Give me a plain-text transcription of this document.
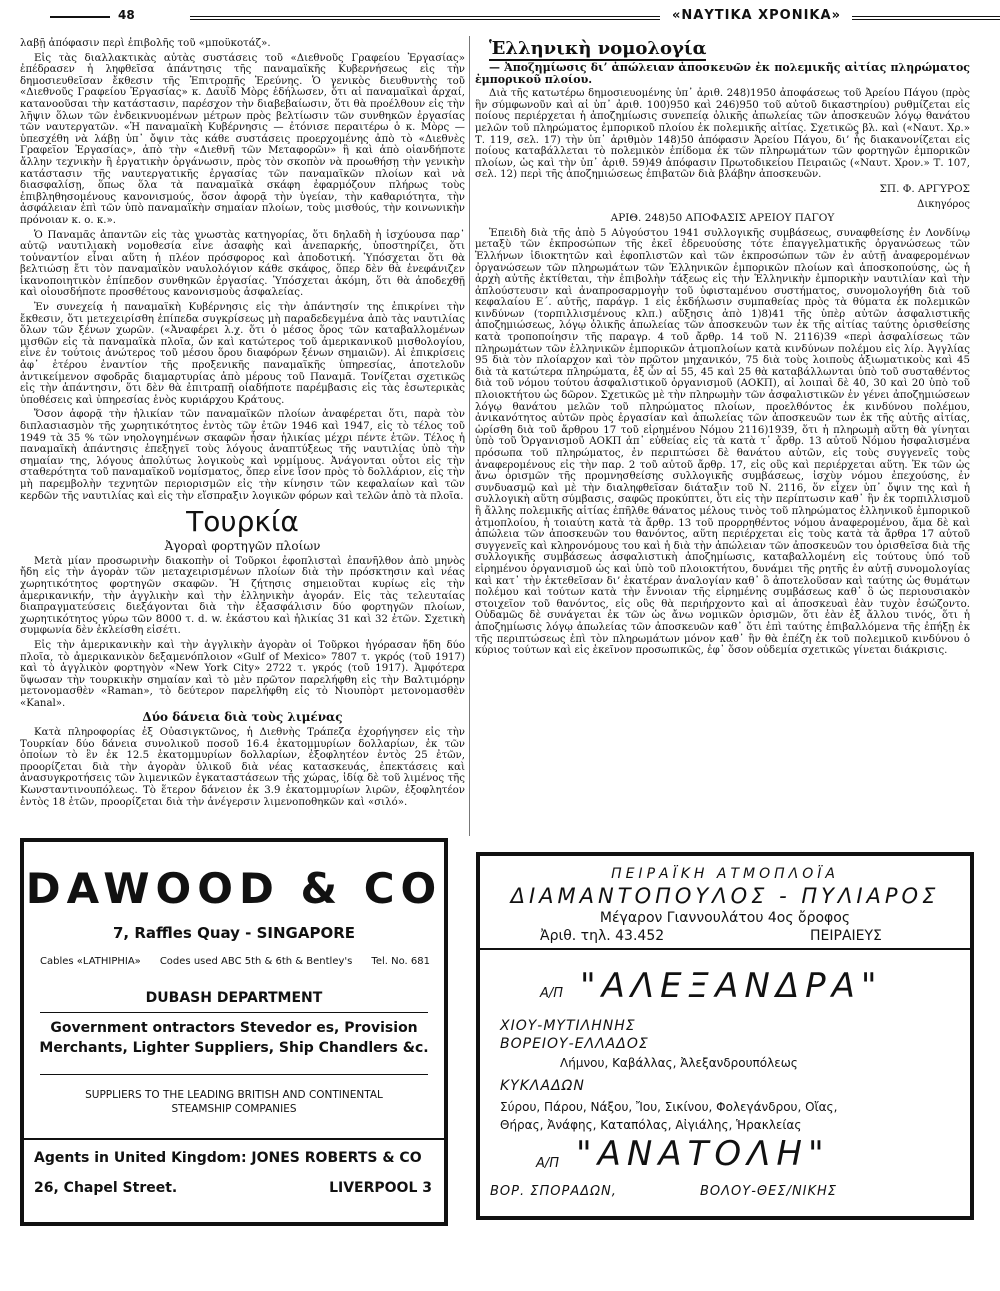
48	«ΝΑΥΤΙΚΑ ΧΡΟΝΙΚΑ»

λαβῇ ἀπόφασιν περὶ ἐπιβολῆς τοῦ «μποϋκοτάζ».

Εἰς τὰς διαλλακτικὰς αὐτὰς συστάσεις τοῦ «Διεθνοῦς Γραφείου Ἐργασίας» ἐπέδρασεν ἡ ληφθεῖσα ἀπάντησις τῆς παναμαϊκῆς Κυβερνήσεως εἰς τὴν δημοσιευθεῖσαν ἔκθεσιν τῆς Ἐπιτροπῆς Ἐρεύνης. Ὁ γενικὸς διευθυντὴς τοῦ «Διεθνοῦς Γραφείου Ἐργασίας» κ. Δαυῒδ Μὸρς ἐδήλωσεν, ὅτι αἱ παναμαϊκαὶ ἀρχαί, κατανοοῦσαι τὴν κατάστασιν, παρέσχον τὴν διαβεβαίωσιν, ὅτι θὰ προέλθουν εἰς τὴν λῆψιν ὅλων τῶν ἐνδεικνυομένων μέτρων πρὸς βελτίωσιν τῶν συνθηκῶν ἐργασίας τῶν ναυτεργατῶν. «Ἡ παναμαϊκὴ Κυβέρνησις — ἐτόνισε περαιτέρω ὁ κ. Μὸρς — ὑπεσχέθη νὰ λάβῃ ὑπ᾽ ὄψιν τὰς κάθε συστάσεις προερχομένης ἀπὸ τὸ «Διεθνὲς Γραφεῖον Ἐργασίας», ἀπὸ τὴν «Διεθνῆ τῶν Μεταφορῶν» ἢ καὶ ἀπὸ οἱανδήποτε ἄλλην τεχνικὴν ἢ ἐργατικὴν ὀργάνωσιν, πρὸς τὸν σκοπὸν νὰ προωθήσῃ τὴν γενικὴν κατάστασιν τῆς ναυτεργατικῆς ἐργασίας τῶν παναμαϊκῶν πλοίων καὶ νὰ διασφαλίσῃ, ὅπως ὅλα τὰ παναμαϊκὰ σκάφη ἐφαρμόζουν πλήρως τοὺς ἐπιβληθησομένους κανονισμούς, ὅσον ἀφορᾷ τὴν ὑγείαν, τὴν καθαριότητα, τὴν ἀσφάλειαν ἐπὶ τῶν ὑπὸ παναμαϊκὴν σημαίαν πλοίων, τοὺς μισθούς, τὴν κοινωνικὴν πρόνοιαν κ. ο. κ.».

Ὁ Παναμᾶς ἀπαντῶν εἰς τὰς γνωστὰς κατηγορίας, ὅτι δηλαδὴ ἡ ἰσχύουσα παρ᾽ αὐτῷ ναυτιλιακὴ νομοθεσία εἶνε ἀσαφὴς καὶ ἀνεπαρκής, ὑποστηρίζει, ὅτι τοὐναντίον εἶναι αὕτη ἡ πλέον πρόσφορος καὶ ἀποδοτική. Ὑπόσχεται ὅτι θὰ βελτιώσῃ ἔτι τὸν παναμαϊκὸν ναυλολόγιον κάθε σκάφος, ὅπερ δὲν θὰ ἐνεφάνιζεν ἱκανοποιητικὸν ἐπίπεδον συνθηκῶν ἐργασίας. Ὑπόσχεται ἀκόμη, ὅτι θὰ ἀποδεχθῇ καὶ οἱουσδήποτε προσθέτους κανονισμοὺς ἀσφαλείας.

Ἐν συνεχείᾳ ἡ παναμαϊκὴ Κυβέρνησις εἰς τὴν ἀπάντησίν της ἐπικρίνει τὴν ἔκθεσιν, ὅτι μετεχειρίσθη ἐπίπεδα συγκρίσεως μὴ παραδεδεγμένα ἀπὸ τὰς ναυτιλίας ὅλων τῶν ξένων χωρῶν. («Ἀναφέρει λ.χ. ὅτι ὁ μέσος ὅρος τῶν καταβαλλομένων μισθῶν εἰς τὰ παναμαϊκὰ πλοῖα, ὤν καὶ κατώτερος τοῦ ἀμερικανικοῦ μισθολογίου, εἶνε ἐν τούτοις ἀνώτερος τοῦ μέσου ὅρου διαφόρων ξένων σημαιῶν). Αἱ ἐπικρίσεις ἀφ᾽ ἑτέρου ἐναντίον τῆς προξενικῆς παναμαϊκῆς ὑπηρεσίας, ἀποτελοῦν ἀντικείμενον σφοδρᾶς διαμαρτυρίας ἀπὸ μέρους τοῦ Παναμᾶ. Τονίζεται σχετικῶς εἰς τὴν ἀπάντησιν, ὅτι δὲν θὰ ἐπιτραπῇ οἱαδήποτε παρέμβασις εἰς τὰς ἐσωτερικὰς ὑποθέσεις καὶ ὑπηρεσίας ἑνὸς κυριάρχου Κράτους.

Ὅσον ἀφορᾷ τὴν ἡλικίαν τῶν παναμαϊκῶν πλοίων ἀναφέρεται ὅτι, παρὰ τὸν διπλασιασμὸν τῆς χωρητικότητος ἐντὸς τῶν ἐτῶν 1946 καὶ 1947, εἰς τὸ τέλος τοῦ 1949 τὰ 35 % τῶν νηολογημένων σκαφῶν ἦσαν ἡλικίας μέχρι πέντε ἐτῶν. Τέλος ἡ παναμαϊκὴ ἀπάντησις ἐπεξηγεῖ τοὺς λόγους ἀναπτύξεως τῆς ναυτιλίας ὑπὸ τὴν σημαίαν της, λόγους ἀπολύτως λογικοὺς καὶ νομίμους. Ἀνάγονται οὗτοι εἰς τὴν σταθερότητα τοῦ παναμαϊκοῦ νομίσματος, ὅπερ εἶνε ἴσον πρὸς τὸ δολλάριον, εἰς τὴν μὴ παρεμβολὴν τεχνητῶν περιορισμῶν εἰς τὴν κίνησιν τῶν κεφαλαίων καὶ τῶν κερδῶν τῆς ναυτιλίας καὶ εἰς τὴν εἴσπραξιν λογικῶν φόρων καὶ τελῶν ἀπὸ τὰ πλοῖα.

Τουρκία

Ἀγοραὶ φορτηγῶν πλοίων

Μετὰ μίαν προσωρινὴν διακοπὴν οἱ Τοῦρκοι ἐφοπλισταὶ ἐπανῆλθον ἀπὸ μηνὸς ἤδη εἰς τὴν ἀγορὰν τῶν μεταχειρισμένων πλοίων διὰ τὴν πρόσκτησιν καὶ νέας χωρητικότητος φορτηγῶν σκαφῶν. Ἡ ζήτησις σημειοῦται κυρίως εἰς τὴν ἀμερικανικήν, τὴν ἀγγλικὴν καὶ τὴν ἑλληνικὴν ἀγοράν. Εἰς τὰς τελευταίας διαπραγματεύσεις διεξάγονται διὰ τὴν ἐξασφάλισιν δύο φορτηγῶν πλοίων, χωρητικότητος γύρω τῶν 8000 τ. d. w. ἑκάστου καὶ ἡλικίας 31 καὶ 32 ἐτῶν. Σχετικὴ συμφωνία δὲν ἐκλείσθη εἰσέτι.

Εἰς τὴν ἀμερικανικὴν καὶ τὴν ἀγγλικὴν ἀγορὰν οἱ Τοῦρκοι ἠγόρασαν ἤδη δύο πλοῖα, τὸ ἀμερικανικὸν δεξαμενόπλοιον «Gulf of Mexico» 7807 τ. γκρός (τοῦ 1917) καὶ τὸ ἀγγλικὸν φορτηγὸν «New York City» 2722 τ. γκρός (τοῦ 1917). Ἀμφότερα ὕψωσαν τὴν τουρκικὴν σημαίαν καὶ τὸ μὲν πρῶτον παρελήφθη εἰς τὴν Βαλτιμόρην μετονομασθὲν «Raman», τὸ δεύτερον παρελήφθη εἰς τὸ Νιουπὸρτ μετονομασθὲν «Kanal».

Δύο δάνεια διὰ τοὺς λιμένας

Κατὰ πληροφορίας ἐξ Οὐασιγκτῶνος, ἡ Διεθνὴς Τράπεζα ἐχορήγησεν εἰς τὴν Τουρκίαν δύο δάνεια συνολικοῦ ποσοῦ 16.4 ἑκατομμυρίων δολλαρίων, ἐκ τῶν ὁποίων τὸ ἓν ἐκ 12.5 ἑκατομμυρίων δολλαρίων, ἐξοφλητέον ἐντὸς 25 ἐτῶν, προορίζεται διὰ τὴν ἀγορὰν ὑλικοῦ διὰ νέας κατασκευάς, ἐπεκτάσεις καὶ ἀνασυγκροτήσεις τῶν λιμενικῶν ἐγκαταστάσεων τῆς χώρας, ἰδίᾳ δὲ τοῦ λιμένος τῆς Κωνσταντινουπόλεως. Τὸ ἕτερον δάνειον ἐκ 3.9 ἑκατομμυρίων λιρῶν, ἐξοφλητέον ἐντὸς 18 ἐτῶν, προορίζεται διὰ τὴν ἀνέγερσιν λιμενοποθηκῶν καὶ «σιλό».

Ἑλληνικὴ νομολογία

— Ἀποζημίωσις διʼ ἀπώλειαν ἀποσκευῶν ἐκ πολεμικῆς αἰτίας πληρώματος ἐμπορικοῦ πλοίου.

Διὰ τῆς κατωτέρω δημοσιευομένης ὑπ᾽ ἀριθ. 248)1950 ἀποφάσεως τοῦ Ἀρείου Πάγου (πρὸς ἣν σύμφωνοῦν καὶ αἱ ὑπ᾽ ἀριθ. 100)950 καὶ 246)950 τοῦ αὐτοῦ δικαστηρίου) ρυθμίζεται εἰς ποίους περιέρχεται ἡ ἀποζημίωσις συνεπείᾳ ὁλικῆς ἀπωλείας τῶν ἀποσκευῶν λόγῳ θανάτου μελῶν τοῦ πληρώματος ἐμπορικοῦ πλοίου ἐκ πολεμικῆς αἰτίας. Σχετικῶς βλ. καὶ («Ναυτ. Χρ.» Τ. 119, σελ. 17) τὴν ὑπ᾽ ἀριθμὸν 148)50 ἀπόφασιν Ἀρείου Πάγου, διʼ ἧς διακανονίζεται εἰς ποίους καταβάλλεται τὸ πολεμικὸν ἐπίδομα ἐκ τῶν πληρωμάτων τῶν φορτηγῶν ἐμπορικῶν πλοίων, ὡς καὶ τὴν ὑπ᾽ ἀριθ. 59)49 ἀπόφασιν Πρωτοδικείου Πειραιῶς («Ναυτ. Χρον.» Τ. 107, σελ. 12) περὶ τῆς ἀποζημιώσεως ἐπιβατῶν διὰ βλάβην ἀποσκευῶν.

ΣΠ. Φ. ΑΡΓΥΡΟΣ

Δικηγόρος

ΑΡΙΘ. 248)50 ΑΠΟΦΑΣΙΣ ΑΡΕΙΟΥ ΠΑΓΟΥ

Ἐπειδὴ διὰ τῆς ἀπὸ 5 Αὐγούστου 1941 συλλογικῆς συμβάσεως, συναφθείσης ἐν Λονδίνῳ μεταξὺ τῶν ἐκπροσώπων τῆς ἐκεῖ ἐδρευούσης τότε ἐπαγγελματικῆς ὀργανώσεως τῶν Ἑλλήνων ἰδιοκτητῶν καὶ ἐφοπλιστῶν καὶ τῶν ἐκπροσώπων τῶν ἐν αὐτῇ ἀναφερομένων ὀργανώσεων τῶν πληρωμάτων τῶν Ἑλληνικῶν ἐμπορικῶν πλοίων καὶ ἀποσκοπούσης, ὡς ἡ ἀρχὴ αὐτῆς ἐκτίθεται, τὴν ἐπιβολὴν τάξεως εἰς τὴν Ἑλληνικὴν ἐμπορικὴν ναυτιλίαν καὶ τὴν ἀπλούστευσιν καὶ ἀναπροσαρμογὴν τοῦ ὑφισταμένου συστήματος, συνομολογήθη διὰ τοῦ κεφαλαίου Ε΄. αὐτῆς, παράγρ. 1 εἰς ἐκδήλωσιν συμπαθείας πρὸς τὰ θύματα ἐκ πολεμικῶν κινδύνων (τορπιλλισμένους κλπ.) αὔξησις ἀπὸ 1)8)41 τῆς ὑπὲρ αὐτῶν ἀσφαλιστικῆς ἀποζημιώσεως, λόγῳ ὁλικῆς ἀπωλείας τῶν ἀποσκευῶν των ἐκ τῆς αἰτίας ταύτης ὁρισθείσης κατὰ τροποποίησιν τῆς παραγρ. 4 τοῦ ἄρθρ. 14 τοῦ Ν. 2116)39 «περὶ ἀσφαλίσεως τῶν πληρωμάτων τῶν ἑλληνικῶν ἐμπορικῶν ἀτμοπλοίων κατὰ κινδύνων πολέμου εἰς λίρ. Ἀγγλίας 95 διὰ τὸν πλοίαρχον καὶ τὸν πρῶτον μηχανικόν, 75 διὰ τοὺς λοιποὺς ἀξιωματικοὺς καὶ 45 διὰ τὰ κατώτερα πληρώματα, ἐξ ὧν αἱ 55, 45 καὶ 25 θὰ καταβάλλωνται ὑπὸ τοῦ συσταθέντος διὰ τοῦ νόμου τούτου ἀσφαλιστικοῦ ὀργανισμοῦ (ΑΟΚΠ), αἱ λοιπαὶ δὲ 40, 30 καὶ 20 ὑπὸ τοῦ πλοιοκτήτου ὡς δῶρον. Σχετικῶς μὲ τὴν πληρωμὴν τῶν ἀσφαλιστικῶν ἐν γένει ἀποζημιώσεων λόγῳ θανάτου μελῶν τοῦ πληρώματος πλοίων, προελθόντος ἐκ κινδύνου πολέμου, ἀνικανότητος αὐτῶν πρὸς ἐργασίαν καὶ ἀπωλείας τῶν ἀποσκευῶν των ἐκ τῆς αὐτῆς αἰτίας, ὡρίσθη διὰ τοῦ ἄρθρου 17 τοῦ εἰρημένου Νόμου 2116)1939, ὅτι ἡ πληρωμὴ αὕτη θὰ γίνηται ὑπὸ τοῦ Ὀργανισμοῦ ΑΟΚΠ ἀπ᾽ εὐθείας εἰς τὰ κατὰ τ᾽ ἄρθρ. 13 αὐτοῦ Νόμου ἠσφαλισμένα πρόσωπα τοῦ πληρώματος, ἐν περιπτώσει δὲ θανάτου αὐτῶν, εἰς τοὺς συγγενεῖς τοὺς ἀναφερομένους εἰς τὴν παρ. 2 τοῦ αὐτοῦ ἄρθρ. 17, εἰς οὓς καὶ περιέρχεται αὕτη. Ἐκ τῶν ὡς ἄνω ὁρισμῶν τῆς προμνησθείσης συλλογικῆς συμβάσεως, ἰσχὺν νόμου ἐπεχούσης, ἐν συνδυασμῷ καὶ μὲ τὴν διαληφθεῖσαν διάταξιν τοῦ Ν. 2116, ὅν εἶχεν ὑπ᾽ ὄψιν της καὶ ἡ συλλογικὴ αὕτη σύμβασις, σαφῶς προκύπτει, ὅτι εἰς τὴν περίπτωσιν καθ᾽ ἣν ἐκ τορπιλλισμοῦ ἢ ἄλλης πολεμικῆς αἰτίας ἐπῆλθε θάνατος μέλους τινὸς τοῦ πληρώματος ἑλληνικοῦ ἐμπορικοῦ ἀτμοπλοίου, ἡ τοιαύτη κατὰ τὰ ἄρθρ. 13 τοῦ προρρηθέντος νόμου ἀναφερομένου, ἅμα δὲ καὶ ἀπώλεια τῶν ἀποσκευῶν του θανόντος, αὕτη περιέρχεται εἰς τοὺς κατὰ τὰ ἄρθρα 17 αὐτοῦ συγγενεῖς καὶ κληρονόμους του καὶ ἡ διὰ τὴν ἀπώλειαν τῶν ἀποσκευῶν του ὁρισθεῖσα διὰ τῆς συλλογικῆς συμβάσεως ἀσφαλιστικὴ ἀποζημίωσις, καταβαλλομένη εἰς τούτους ὑπό τοῦ εἰρημένου ὀργανισμοῦ ὡς καὶ ὑπὸ τοῦ πλοιοκτήτου, δυνάμει τῆς ρητῆς ἐν αὐτῇ συνομολογίας καὶ κατ᾽ τὴν ἐκτεθεῖσαν διʼ ἑκατέραν ἀναλογίαν καθ᾽ ὃ ἀποτελοῦσαν καὶ ταύτης ὡς θυμάτων πολέμου καὶ τούτων κατὰ τὴν ἔννοιαν τῆς εἰρημένης συμβάσεως καθ᾽ ὃ ὡς περιουσιακὸν στοιχεῖον τοῦ θανόντος, εἰς οὓς θὰ περιήρχοντο καὶ αἱ ἀποσκευαὶ ἐὰν τυχὸν ἐσώζοντο. Οὐδαμῶς δὲ συνάγεται ἐκ τῶν ὡς ἄνω νομικῶν ὁρισμῶν, ὅτι ἐὰν ἐξ ἄλλου τινός, ὅτι ἡ ἀποζημίωσις λόγῳ ἀπωλείας τῶν ἀποσκευῶν καθ᾽ ὅτι ἐπὶ ταύτης ἐπιβαλλόμενα τῆς ἐπήξῃ ἐκ τῆς περιπτώσεως ἐπὶ τὸν πληρωμάτων μόνον καθ᾽ ἣν θὰ ἐπέζη ἐκ τοῦ πολεμικοῦ κινδύνου ὁ κύριος τούτων καὶ εἰς ἐκεῖνον προσωπικῶς, ἐφ᾽ ὅσον οὐδεμία σχετικῶς γίνεται διάκρισις.

DAWOOD & CO
7, Raffles Quay - SINGAPORE
Cables «LATHIPHIA» Codes used ABC 5th & 6th & Bentley's Tel. No. 681
DUBASH DEPARTMENT
Government ontractors Stevedor es, Provision
Merchants, Lighter Suppliers, Ship Chandlers &c.
SUPPLIERS TO THE LEADING BRITISH AND CONTINENTAL STEAMSHIP COMPANIES
Agents in United Kingdom: JONES ROBERTS & CO
26, Chapel Street.	LIVERPOOL 3
ΠΕΙΡΑΪΚΗ ΑΤΜΟΠΛΟΪΑ
ΔΙΑΜΑΝΤΟΠΟΥΛΟΣ - ΠΥΛΙΑΡΟΣ
Μέγαρον Γιαννουλάτου 4ος ὄροφος
Ἀριθ. τηλ. 43.452	ΠΕΙΡΑΙΕΥΣ
Α/Π "ΑΛΕΞΑΝΔΡΑ"
ΧΙΟΥ-ΜΥΤΙΛΗΝΗΣ
ΒΟΡΕΙΟΥ-ΕΛΛΑΔΟΣ
Λήμνου, Καβάλλας, Ἀλεξανδρουπόλεως
ΚΥΚΛΑΔΩΝ
Σύρου, Πάρου, Νάξου, Ἴου, Σικίνου, Φολεγάνδρου, Οἴας,
Θήρας, Ἀνάφης, Καταπόλας, Αἰγιάλης, Ἡρακλείας
Α/Π "ΑΝΑΤΟΛΗ"
ΒΟΡ. ΣΠΟΡΑΔΩΝ,	ΒΟΛΟΥ-ΘΕΣ/ΝΙΚΗΣ
